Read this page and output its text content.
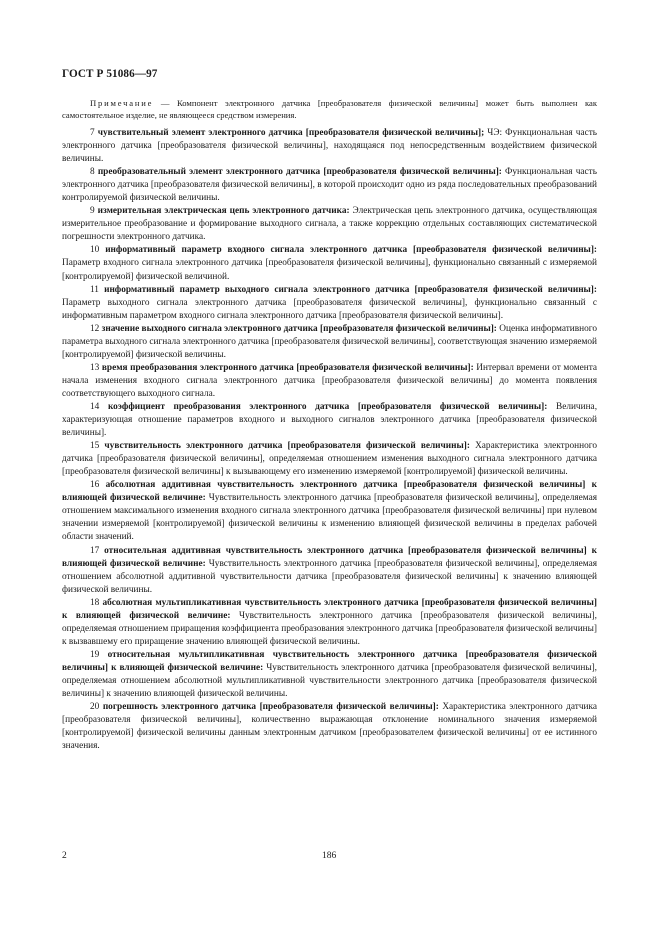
ГОСТ Р 51086—97

Примечание — Компонент электронного датчика [преобразователя физической величины] может быть выполнен как самостоятельное изделие, не являющееся средством измерения.

7 чувствительный элемент электронного датчика [преобразователя физической величины]; ЧЭ: Функциональная часть электронного датчика [преобразователя физической величины], находящаяся под непосредственным воздействием физической величины.

8 преобразовательный элемент электронного датчика [преобразователя физической величины]: Функциональная часть электронного датчика [преобразователя физической величины], в которой происходит одно из ряда последовательных преобразований контролируемой физической величины.

9 измерительная электрическая цепь электронного датчика: Электрическая цепь электронного датчика, осуществляющая измерительное преобразование и формирование выходного сигнала, а также коррекцию отдельных составляющих систематической погрешности электронного датчика.

10 информативный параметр входного сигнала электронного датчика [преобразователя физической величины]: Параметр входного сигнала электронного датчика [преобразователя физической величины], функционально связанный с измеряемой [контролируемой] физической величиной.

11 информативный параметр выходного сигнала электронного датчика [преобразователя физической величины]: Параметр выходного сигнала электронного датчика [преобразователя физической величины], функционально связанный с информативным параметром входного сигнала электронного датчика [преобразователя физической величины].

12 значение выходного сигнала электронного датчика [преобразователя физической величины]: Оценка информативного параметра выходного сигнала электронного датчика [преобразователя физической величины], соответствующая значению измеряемой [контролируемой] физической величины.

13 время преобразования электронного датчика [преобразователя физической величины]: Интервал времени от момента начала изменения входного сигнала электронного датчика [преобразователя физической величины] до момента появления соответствующего выходного сигнала.

14 коэффициент преобразования электронного датчика [преобразователя физической величины]: Величина, характеризующая отношение параметров входного и выходного сигналов электронного датчика [преобразователя физической величины].

15 чувствительность электронного датчика [преобразователя физической величины]: Характеристика электронного датчика [преобразователя физической величины], определяемая отношением изменения выходного сигнала электронного датчика [преобразователя физической величины] к вызывающему его изменению измеряемой [контролируемой] физической величины.

16 абсолютная аддитивная чувствительность электронного датчика [преобразователя физической величины] к влияющей физической величине: Чувствительность электронного датчика [преобразователя физической величины], определяемая отношением максимального изменения входного сигнала электронного датчика [преобразователя физической величины] при нулевом значении измеряемой [контролируемой] физической величины к изменению влияющей физической величины в пределах рабочей области значений.

17 относительная аддитивная чувствительность электронного датчика [преобразователя физической величины] к влияющей физической величине: Чувствительность электронного датчика [преобразователя физической величины], определяемая отношением абсолютной аддитивной чувствительности датчика [преобразователя физической величины] к значению влияющей физической величины.

18 абсолютная мультипликативная чувствительность электронного датчика [преобразователя физической величины] к влияющей физической величине: Чувствительность электронного датчика [преобразователя физической величины], определяемая отношением приращения коэффициента преобразования электронного датчика [преобразователя физической величины] к вызвавшему его приращение значению влияющей физической величины.

19 относительная мультипликативная чувствительность электронного датчика [преобразователя физической величины] к влияющей физической величине: Чувствительность электронного датчика [преобразователя физической величины], определяемая отношением абсолютной мультипликативной чувствительности электронного датчика [преобразователя физической величины] к значению влияющей физической величины.

20 погрешность электронного датчика [преобразователя физической величины]: Характеристика электронного датчика [преобразователя физической величины], количественно выражающая отклонение номинального значения измеряемой [контролируемой] физической величины данным электронным датчиком [преобразователем физической величины] от ее истинного значения.

2	186
